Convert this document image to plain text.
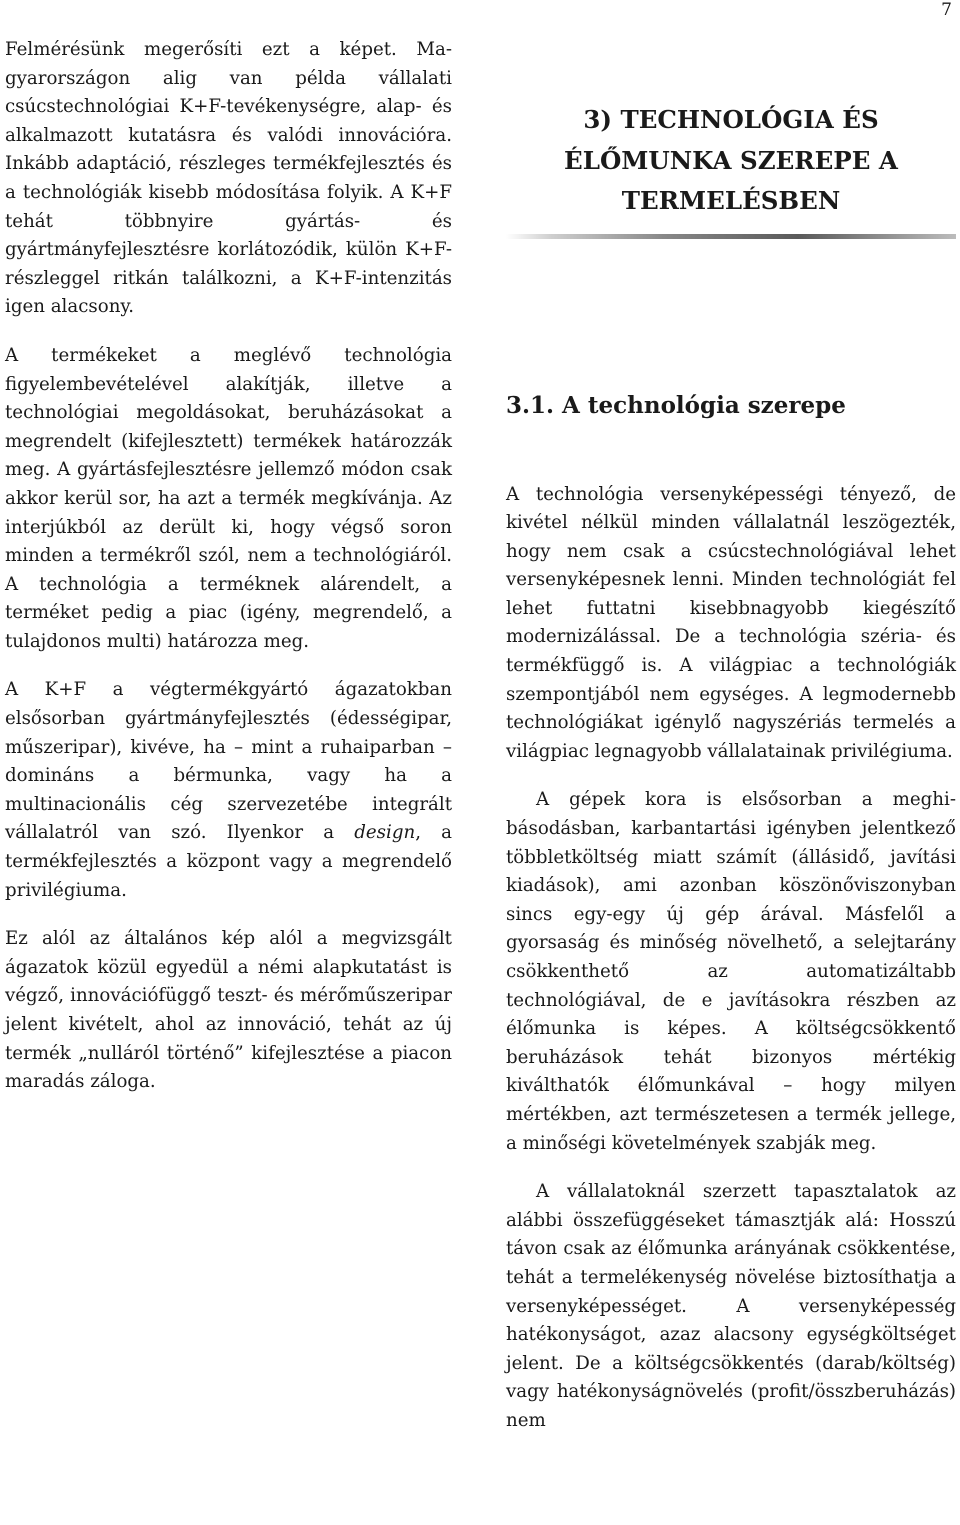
7

Felmérésünk megerősíti ezt a képet. Magyarországon alig van példa vállalati csúcstechnológiai K+F-tevékenységre, alap- és alkalmazott kutatásra és valódi innovációra. Inkább adaptáció, részleges termékfejlesztés és a technológiák kisebb módosítása folyik. A K+F tehát többnyire gyártás- és gyártmányfejlesztésre korlátozódik, külön K+F-részleggel ritkán találkozni, a K+F-intenzitás igen alacsony.

A termékeket a meglévő technológia figyelembevételével alakítják, illetve a technológiai megoldásokat, beruházásokat a megrendelt (kifejlesztett) termékek határozzák meg. A gyártásfejlesztésre jellemző módon csak akkor kerül sor, ha azt a termék megkívánja. Az interjúkból az derült ki, hogy végső soron minden a termékről szól, nem a technológiáról. A technológia a terméknek alárendelt, a terméket pedig a piac (igény, megrendelő, a tulajdonos multi) határozza meg.

A K+F a végtermékgyártó ágazatokban elsősorban gyártmányfejlesztés (édességipar, műszeripar), kivéve, ha – mint a ruhaiparban – domináns a bérmunka, vagy ha a multinacionális cég szervezetébe integrált vállalatról van szó. Ilyenkor a design, a termékfejlesztés a központ vagy a megrendelő privilégiuma.

Ez alól az általános kép alól a megvizsgált ágazatok közül egyedül a némi alapkutatást is végző, innovációfüggő teszt- és mérőműszeripar jelent kivételt, ahol az innováció, tehát az új termék „nulláról történő” kifejlesztése a piacon maradás záloga.

3) TECHNOLÓGIA ÉS
ÉLŐMUNKA SZEREPE A
TERMELÉSBEN
3.1. A technológia szerepe

A technológia versenyképességi tényező, de kivétel nélkül minden vállalatnál leszögezték, hogy nem csak a csúcstechnológiával lehet versenyképesnek lenni. Minden technológiát fel lehet futtatni kisebbnagyobb kiegészítő modernizálással. De a technológia széria- és termékfüggő is. A világpiac a technológiák szempontjából nem egységes. A legmodernebb technológiákat igénylő nagyszériás termelés a világpiac legnagyobb vállalatainak privilégiuma.

A gépek kora is elsősorban a meghibásodásban, karbantartási igényben jelentkező többletköltség miatt számít (állásidő, javítási kiadások), ami azonban köszönőviszonyban sincs egy-egy új gép árával. Másfelől a gyorsaság és minőség növelhető, a selejtarány csökkenthető az automatizáltabb technológiával, de e javításokra részben az élőmunka is képes. A költségcsökkentő beruházások tehát bizonyos mértékig kiválthatók élőmunkával – hogy milyen mértékben, azt természetesen a termék jellege, a minőségi követelmények szabják meg.

A vállalatoknál szerzett tapasztalatok az alábbi összefüggéseket támasztják alá: Hosszú távon csak az élőmunka arányának csökkentése, tehát a termelékenység növelése biztosíthatja a versenyképességet. A versenyképesség hatékonyságot, azaz alacsony egységköltséget jelent. De a költségcsökkentés (darab/költség) vagy hatékonyságnövelés (profit/összberuházás) nem
